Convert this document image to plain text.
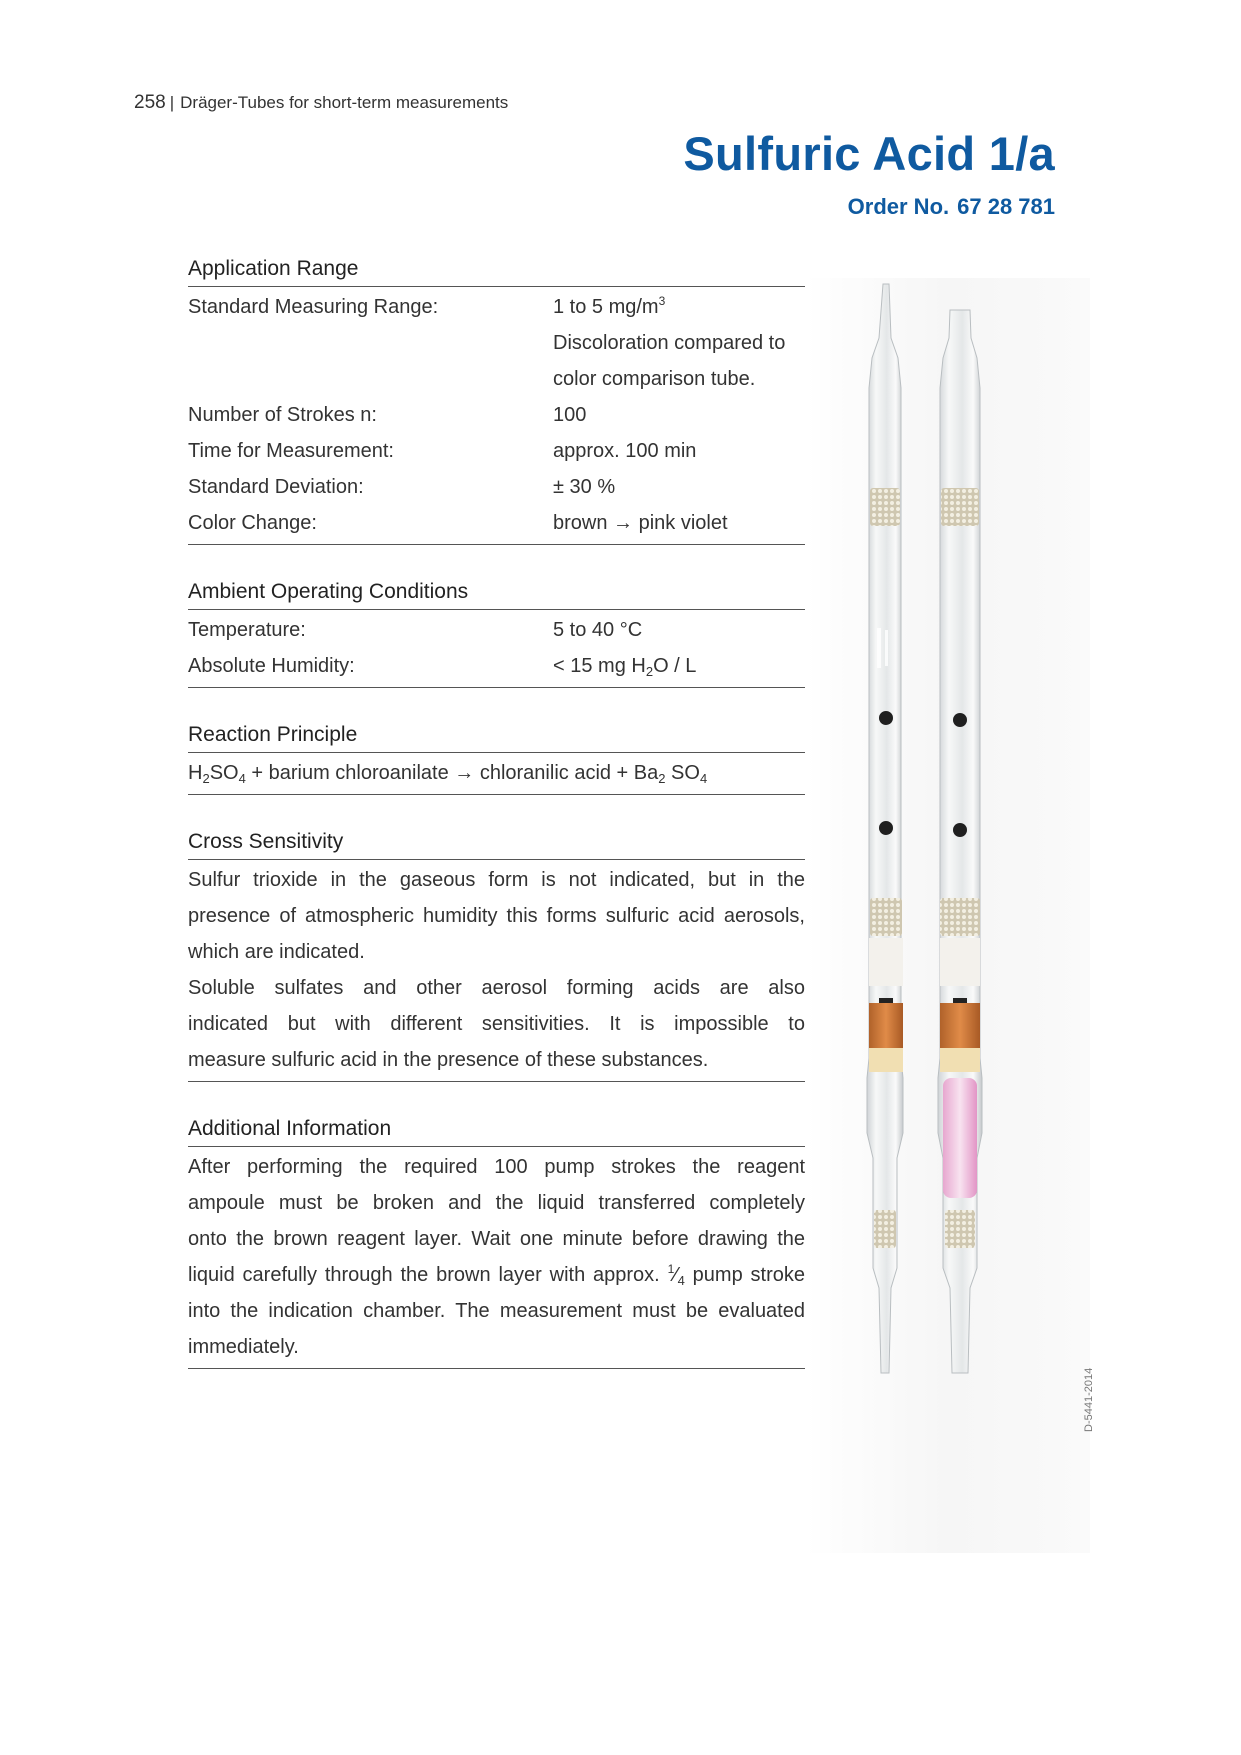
258 | Dräger-Tubes for short-term measurements
Sulfuric Acid 1/a
Order No. 67 28 781
Application Range
Standard Measuring Range:	1 to 5 $mg/m^3$
Discoloration compared to
color comparison tube.
Number of Strokes n:	100
Time for Measurement:	approx. 100 min
Standard Deviation:	± 30 %
Color Change:	brown → pink violet
Ambient Operating Conditions
Temperature:	5 to 40 °C
Absolute Humidity:	< 15 mg $H_2O$ / L
Reaction Principle
$H_2SO_4$ + barium chloroanilate → chloranilic acid + $Ba_2$ $SO_4$
Cross Sensitivity
Sulfur trioxide in the gaseous form is not indicated, but in the
presence of atmospheric humidity this forms sulfuric acid aerosols,
which are indicated.
Soluble sulfates and other aerosol forming acids are also
indicated but with different sensitivities. It is impossible to
measure sulfuric acid in the presence of these substances.
Additional Information
After performing the required 100 pump strokes the reagent
ampoule must be broken and the liquid transferred completely
onto the brown reagent layer. Wait one minute before drawing the
liquid carefully through the brown layer with approx. $^1⁄_4$ pump stroke
into the indication chamber. The measurement must be evaluated
immediately.
D-5441-2014
